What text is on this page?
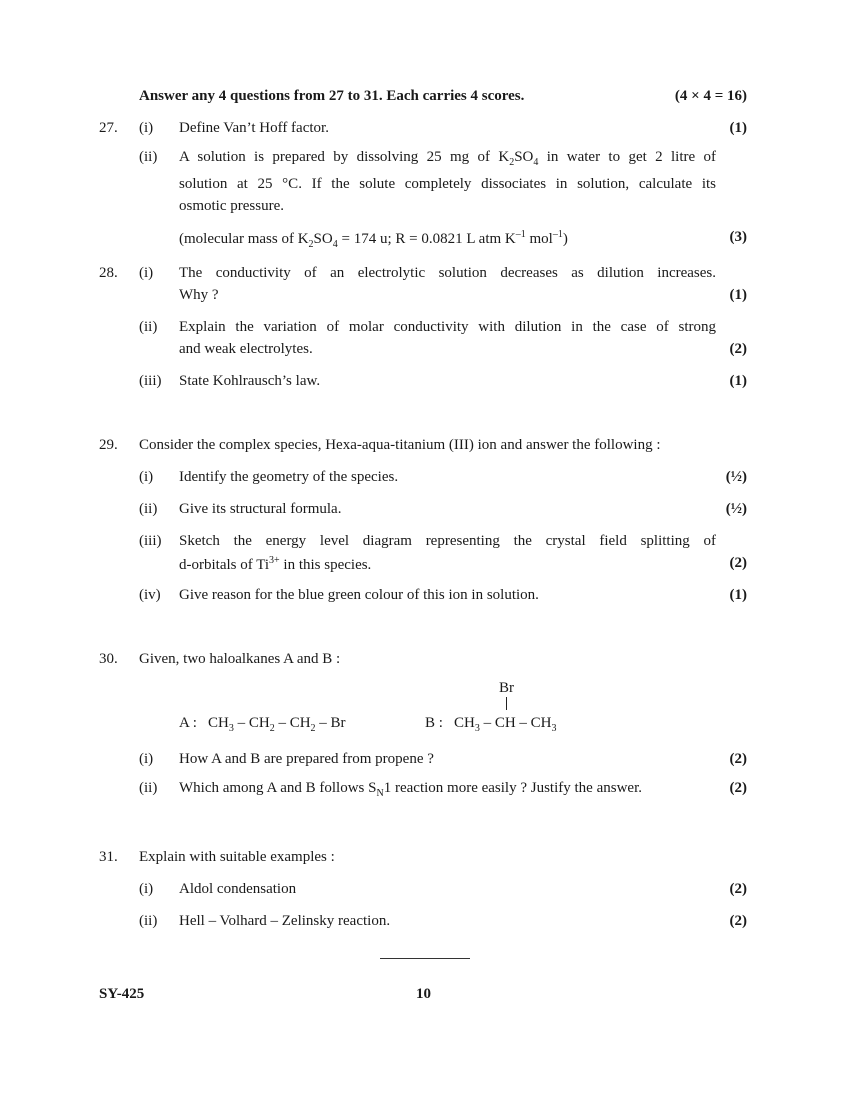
Answer any 4 questions from 27 to 31. Each carries 4 scores.	(4 × 4 = 16)
27. (i) Define Van’t Hoff factor.	(1)
(ii) A solution is prepared by dissolving 25 mg of $K_2SO_4$ in water to get 2 litre of
solution at 25 °C. If the solute completely dissociates in solution, calculate its
osmotic pressure.
(molecular mass of $K_2SO_4 = 174$ u; R = 0.0821 L atm $K^{-1}$ mol$^{-1}$)	(3)
28. (i) The conductivity of an electrolytic solution decreases as dilution increases.
Why ?	(1)
(ii) Explain the variation of molar conductivity with dilution in the case of strong
and weak electrolytes.	(2)
(iii) State Kohlrausch’s law.	(1)
29. Consider the complex species, Hexa-aqua-titanium (III) ion and answer the following :
(i) Identify the geometry of the species.	(½)
(ii) Give its structural formula.	(½)
(iii) Sketch the energy level diagram representing the crystal field splitting of
d-orbitals of $Ti^{3+}$ in this species.	(2)
(iv) Give reason for the blue green colour of this ion in solution.	(1)
30. Given, two haloalkanes A and B :
Br
A : $CH_3 - CH_2 - CH_2$ – Br	B : $CH_3$ – CH – $CH_3$
(i) How A and B are prepared from propene ?	(2)
(ii) Which among A and B follows $S_N1$ reaction more easily ? Justify the answer.	(2)
31. Explain with suitable examples :
(i) Aldol condensation	(2)
(ii) Hell – Volhard – Zelinsky reaction.	(2)
SY-425	10
